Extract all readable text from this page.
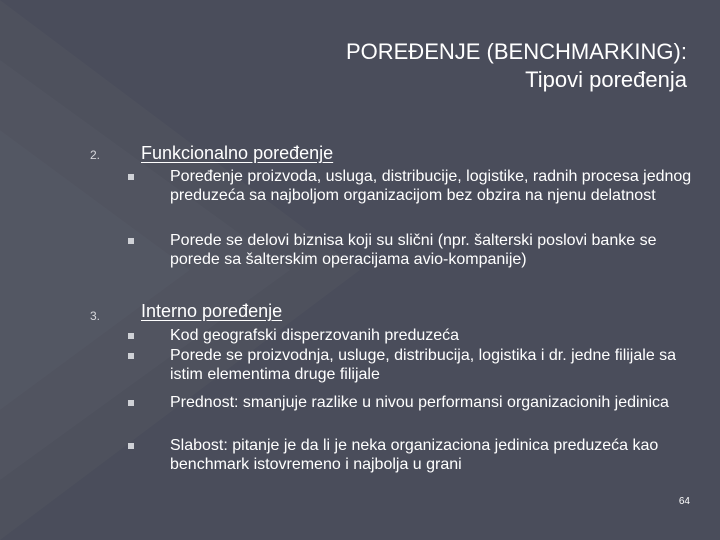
POREĐENJE (BENCHMARKING):
Tipovi poređenja
2. Funkcionalno poređenje
Poređenje proizvoda, usluga, distribucije, logistike, radnih procesa jednog preduzeća sa najboljom organizacijom bez obzira na njenu delatnost
Porede se delovi biznisa koji su slični (npr. šalterski poslovi banke se porede sa šalterskim operacijama avio-kompanije)
3. Interno poređenje
Kod geografski disperzovanih preduzeća
Porede se proizvodnja, usluge, distribucija, logistika i dr. jedne filijale sa istim elementima druge filijale
Prednost: smanjuje razlike u nivou performansi organizacionih jedinica
Slabost: pitanje je da li je neka organizaciona jedinica preduzeća kao benchmark istovremeno i najbolja u grani
64
